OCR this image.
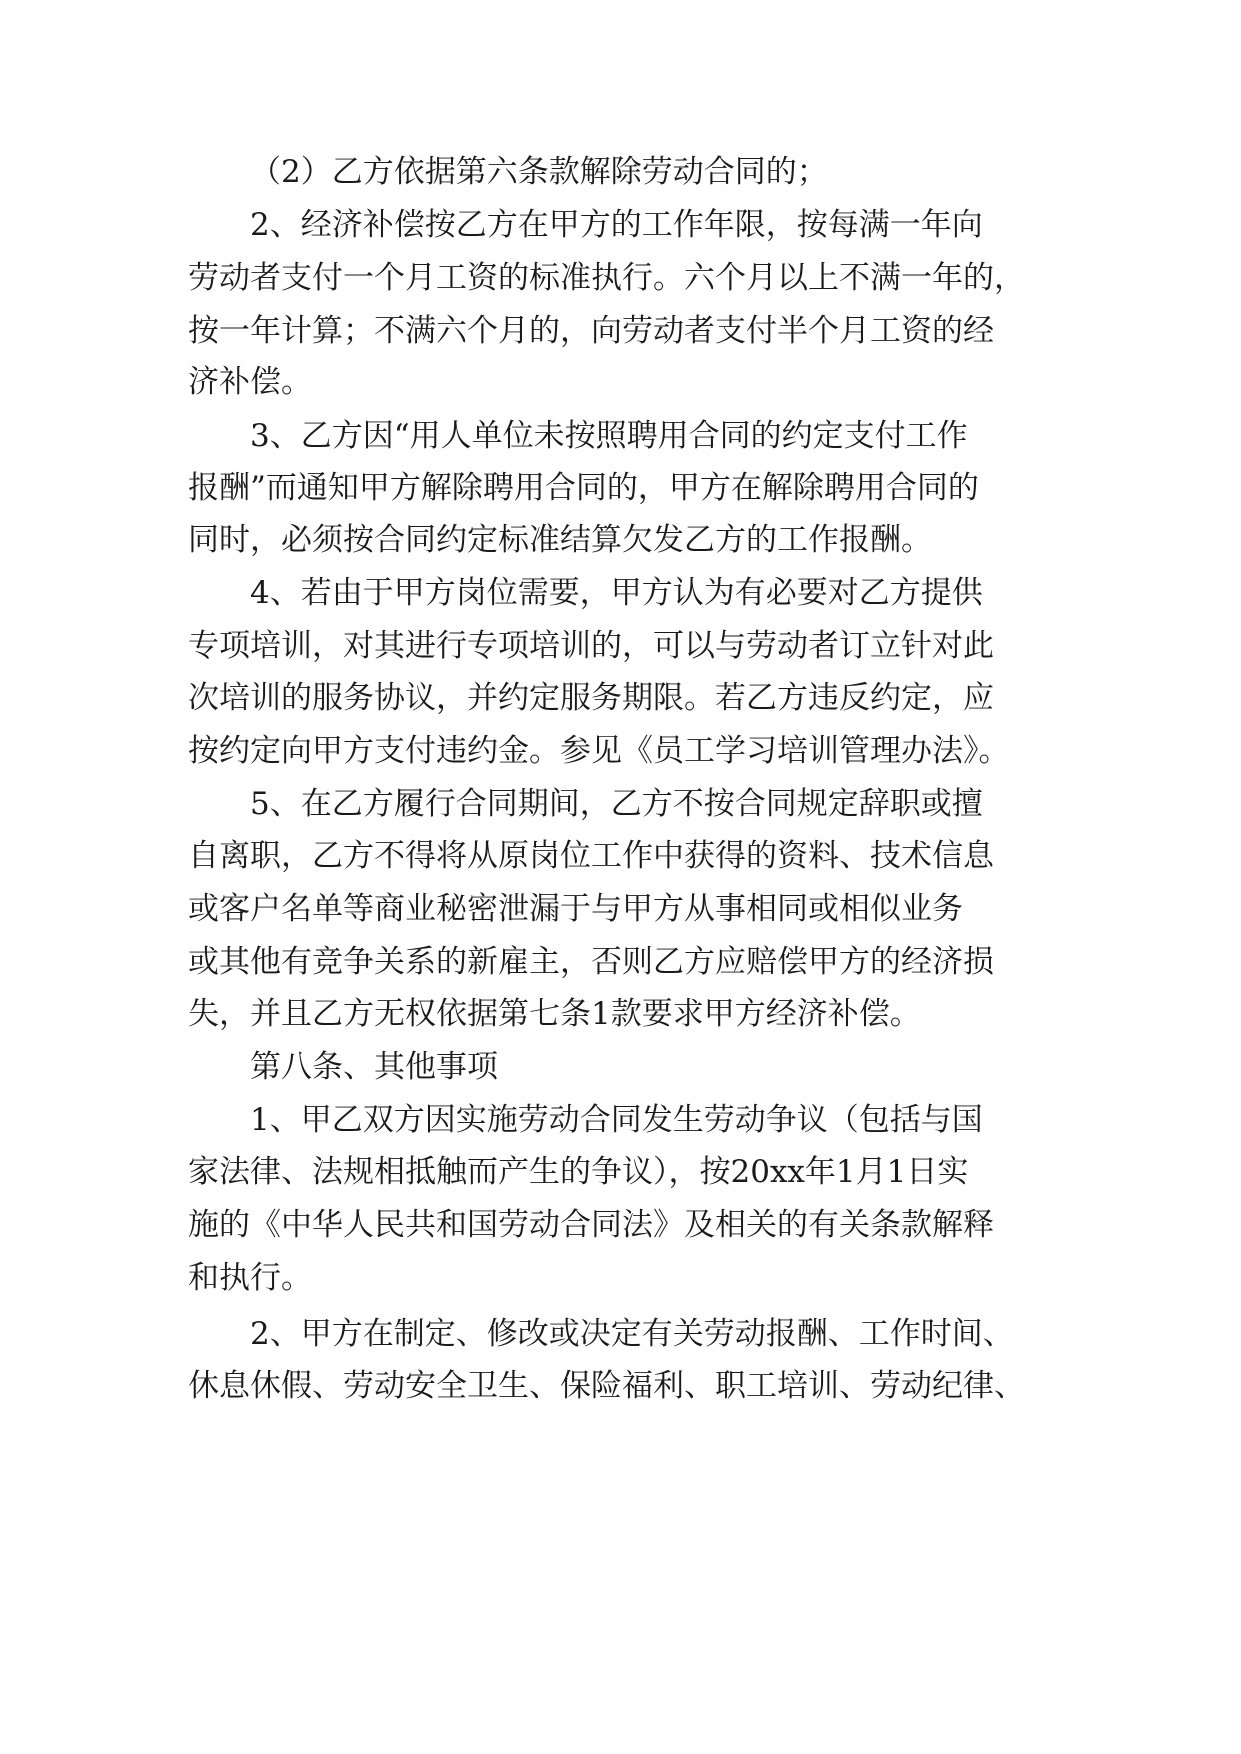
（2）乙方依据第六条款解除劳动合同的；
2、经济补偿按乙方在甲方的工作年限，按每满一年向
劳动者支付一个月工资的标准执行。六个月以上不满一年的，
按一年计算；不满六个月的，向劳动者支付半个月工资的经
济补偿。
3、乙方因“用人单位未按照聘用合同的约定支付工作
报酬”而通知甲方解除聘用合同的，甲方在解除聘用合同的
同时，必须按合同约定标准结算欠发乙方的工作报酬。
4、若由于甲方岗位需要，甲方认为有必要对乙方提供
专项培训，对其进行专项培训的，可以与劳动者订立针对此
次培训的服务协议，并约定服务期限。若乙方违反约定，应
按约定向甲方支付违约金。参见《员工学习培训管理办法》。
5、在乙方履行合同期间，乙方不按合同规定辞职或擅
自离职，乙方不得将从原岗位工作中获得的资料、技术信息
或客户名单等商业秘密泄漏于与甲方从事相同或相似业务
或其他有竞争关系的新雇主，否则乙方应赔偿甲方的经济损
失，并且乙方无权依据第七条1款要求甲方经济补偿。
第八条、其他事项
1、甲乙双方因实施劳动合同发生劳动争议（包括与国
家法律、法规相抵触而产生的争议），按20xx年1月1日实
施的《中华人民共和国劳动合同法》及相关的有关条款解释
和执行。
2、甲方在制定、修改或决定有关劳动报酬、工作时间、
休息休假、劳动安全卫生、保险福利、职工培训、劳动纪律、
